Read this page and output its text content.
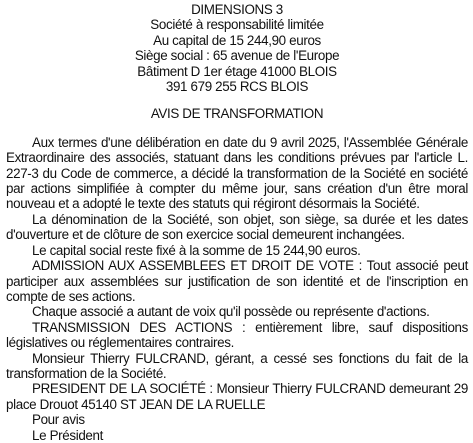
DIMENSIONS 3
Société à responsabilité limitée
Au capital de 15 244,90 euros
Siège social : 65 avenue de l'Europe
Bâtiment D 1er étage 41000 BLOIS
391 679 255 RCS BLOIS
AVIS DE TRANSFORMATION

Aux termes d'une délibération en date du 9 avril 2025, l'Assemblée Générale Extraordinaire des associés, statuant dans les conditions prévues par l'article L. 227-3 du Code de commerce, a décidé la transformation de la Société en société par actions simplifiée à compter du même jour, sans création d'un être moral nouveau et a adopté le texte des statuts qui régiront désormais la Société.

La dénomination de la Société, son objet, son siège, sa durée et les dates d'ouverture et de clôture de son exercice social demeurent inchangées.

Le capital social reste fixé à la somme de 15 244,90 euros.

ADMISSION AUX ASSEMBLEES ET DROIT DE VOTE : Tout associé peut participer aux assemblées sur justification de son identité et de l'inscription en compte de ses actions.

Chaque associé a autant de voix qu'il possède ou représente d'actions.

TRANSMISSION DES ACTIONS : entièrement libre, sauf dispositions législatives ou réglementaires contraires.

Monsieur Thierry FULCRAND, gérant, a cessé ses fonctions du fait de la transformation de la Société.

PRESIDENT DE LA SOCIÉTÉ : Monsieur Thierry FULCRAND demeurant 29 place Drouot 45140 ST JEAN DE LA RUELLE

Pour avis

Le Président
